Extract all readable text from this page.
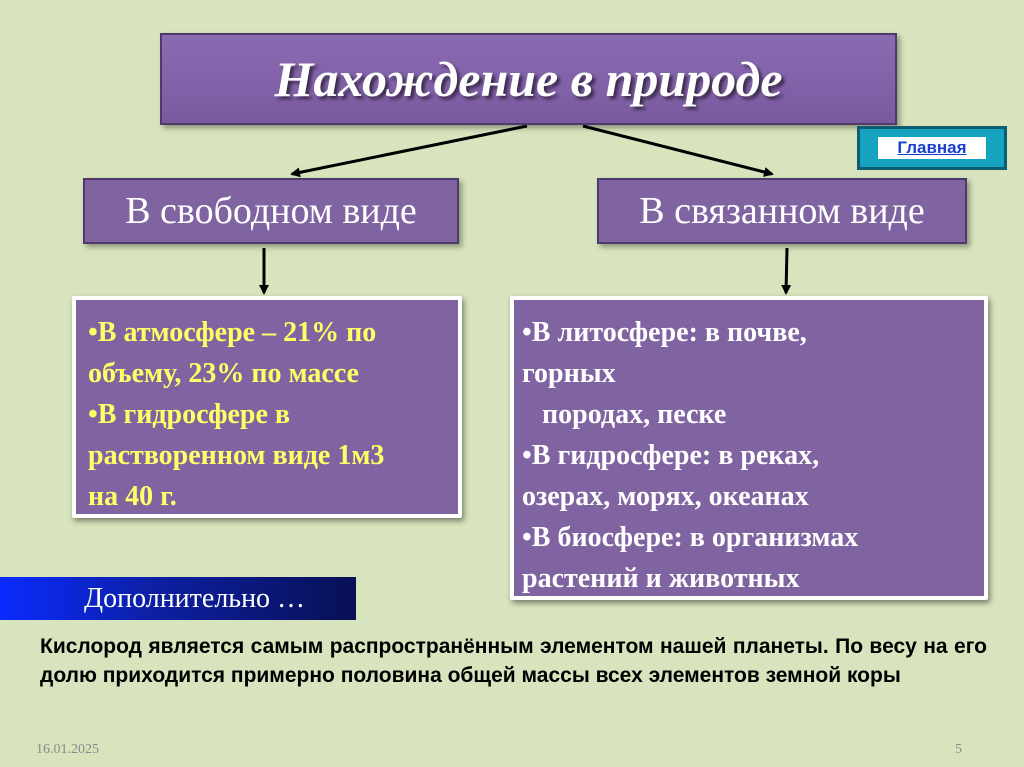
Нахождение в природе
Главная
В свободном виде	В связанном виде
•В атмосфере – 21% по
объему, 23% по массе
•В гидросфере в
растворенном виде 1м3
на 40 г.
•В литосфере: в почве,
горных
породах, песке
•В гидросфере: в реках,
озерах, морях, океанах
•В биосфере: в организмах
растений и животных
Дополнительно …
Кислород является самым распространённым элементом нашей планеты. По весу на его долю приходится примерно половина общей массы всех элементов земной коры
16.01.2025	5
